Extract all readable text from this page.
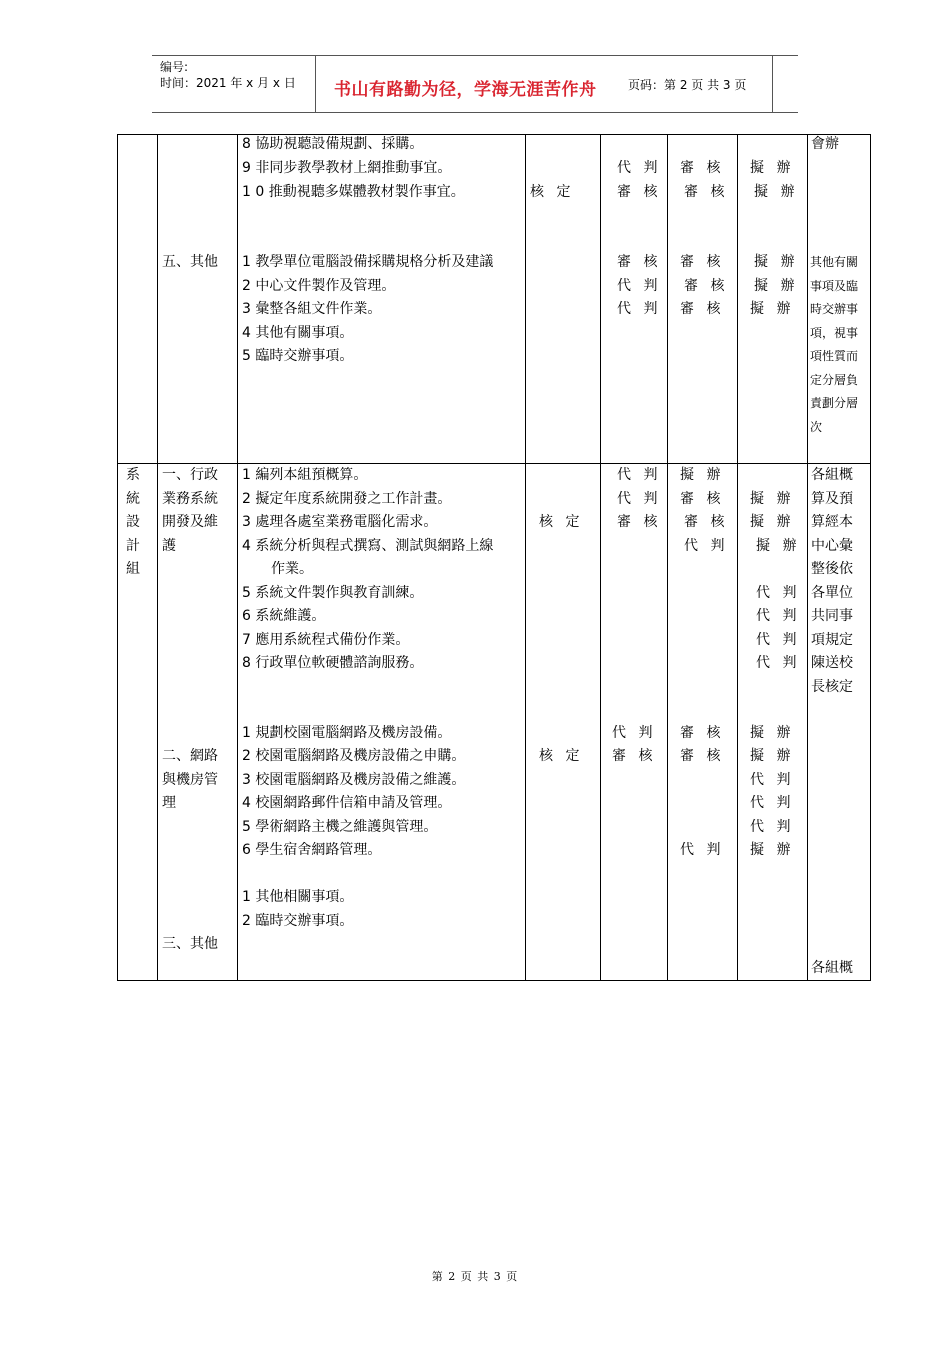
编号:
时间：2021 年 x 月 x 日 书山有路勤为径，学海无涯苦作舟	页码：第 2 页 共 3 页
8 協助視聽設備規劃、採購。
9 非同步教學教材上網推動事宜。
1 0 推動視聽多媒體教材製作事宜。	核 定
代 判
審 核
審 核
審 核
擬 辦
擬 辦
會辦
五、其他 1 教學單位電腦設備採購規格分析及建議
2 中心文件製作及管理。
3 彙整各組文件作業。
4 其他有關事項。
5 臨時交辦事項。
審 核
代 判
代 判
審 核
審 核
審 核
擬 辦
擬 辦
擬 辦
其他有關
事項及臨
時交辦事
項，視事
項性質而
定分層負
責劃分層
次
系
統
設
計
組
一、行政
業務系統
開發及維
護
1 編列本組預概算。
2 擬定年度系統開發之工作計畫。
3 處理各處室業務電腦化需求。
4 系統分析與程式撰寫、測試與網路上線
作業。
5 系統文件製作與教育訓練。
6 系統維護。
7 應用系統程式備份作業。
8 行政單位軟硬體諮詢服務。
核 定
代 判
代 判
審 核
擬 辦
審 核
審 核
代 判
擬 辦
擬 辦
擬 辦
代 判
代 判
代 判
代 判
各組概
算及預
算經本
中心彙
整後依
各單位
共同事
項規定
陳送校
長核定
二、網路
與機房管
理
1 規劃校園電腦網路及機房設備。
2 校園電腦網路及機房設備之申購。
3 校園電腦網路及機房設備之維護。
4 校園網路郵件信箱申請及管理。
5 學術網路主機之維護與管理。
6 學生宿舍網路管理。
核 定
代 判
審 核
審 核
審 核
代 判
擬 辦
擬 辦
代 判
代 判
代 判
擬 辦
1 其他相關事項。
2 臨時交辦事項。
三、其他
各組概
第 2 页 共 3 页
